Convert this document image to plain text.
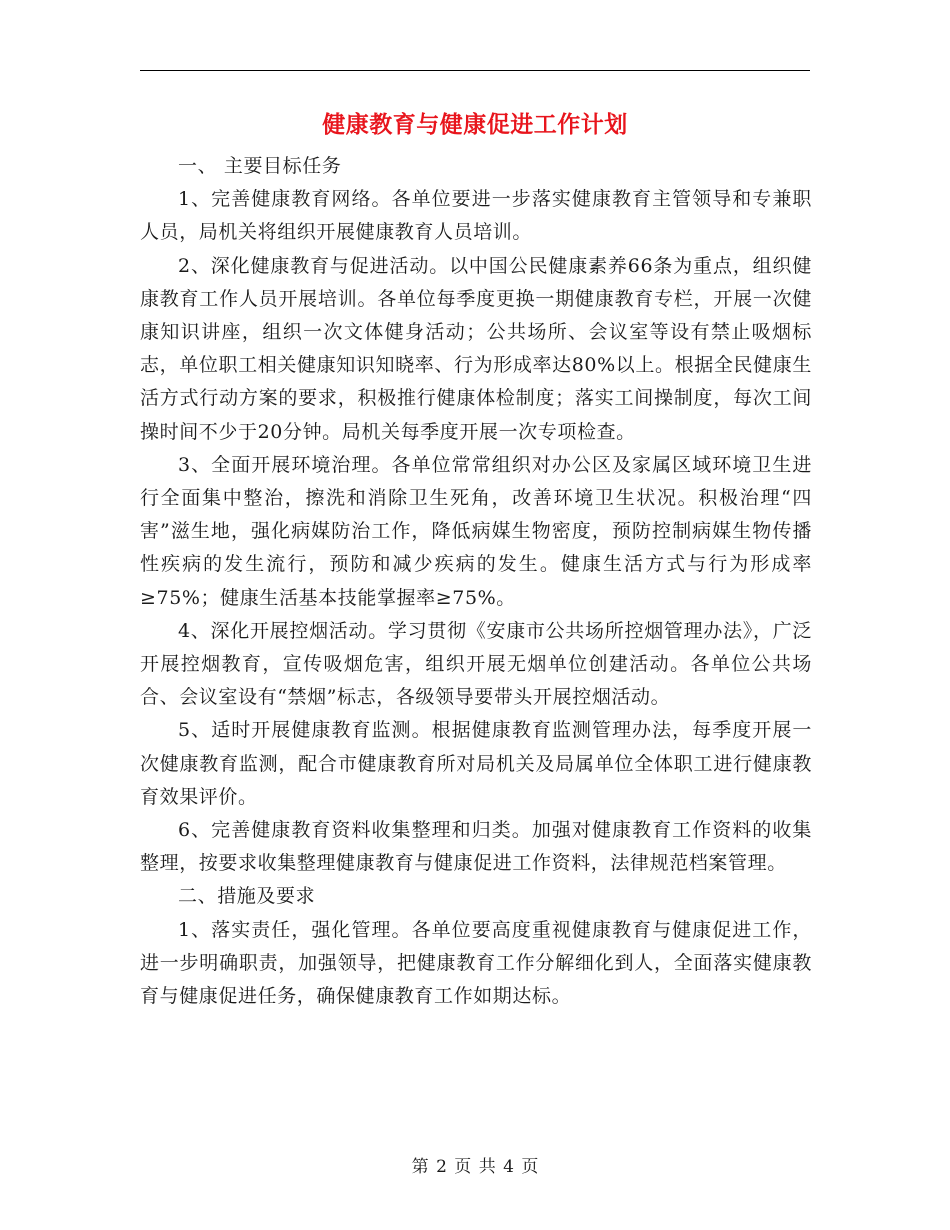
健康教育与健康促进工作计划

一、 主要目标任务

1、完善健康教育网络。各单位要进一步落实健康教育主管领导和专兼职人员，局机关将组织开展健康教育人员培训。

2、深化健康教育与促进活动。以中国公民健康素养66条为重点，组织健康教育工作人员开展培训。各单位每季度更换一期健康教育专栏，开展一次健康知识讲座，组织一次文体健身活动；公共场所、会议室等设有禁止吸烟标志，单位职工相关健康知识知晓率、行为形成率达80%以上。根据全民健康生活方式行动方案的要求，积极推行健康体检制度；落实工间操制度，每次工间操时间不少于20分钟。局机关每季度开展一次专项检查。

3、全面开展环境治理。各单位常常组织对办公区及家属区域环境卫生进行全面集中整治，擦洗和消除卫生死角，改善环境卫生状况。积极治理“四害”滋生地，强化病媒防治工作，降低病媒生物密度，预防控制病媒生物传播性疾病的发生流行，预防和减少疾病的发生。健康生活方式与行为形成率≥75%；健康生活基本技能掌握率≥75%。

4、深化开展控烟活动。学习贯彻《安康市公共场所控烟管理办法》，广泛开展控烟教育，宣传吸烟危害，组织开展无烟单位创建活动。各单位公共场合、会议室设有“禁烟”标志，各级领导要带头开展控烟活动。

5、适时开展健康教育监测。根据健康教育监测管理办法，每季度开展一次健康教育监测，配合市健康教育所对局机关及局属单位全体职工进行健康教育效果评价。

6、完善健康教育资料收集整理和归类。加强对健康教育工作资料的收集整理，按要求收集整理健康教育与健康促进工作资料，法律规范档案管理。

二、措施及要求

1、落实责任，强化管理。各单位要高度重视健康教育与健康促进工作，进一步明确职责，加强领导，把健康教育工作分解细化到人，全面落实健康教育与健康促进任务，确保健康教育工作如期达标。

第 2 页 共 4 页
